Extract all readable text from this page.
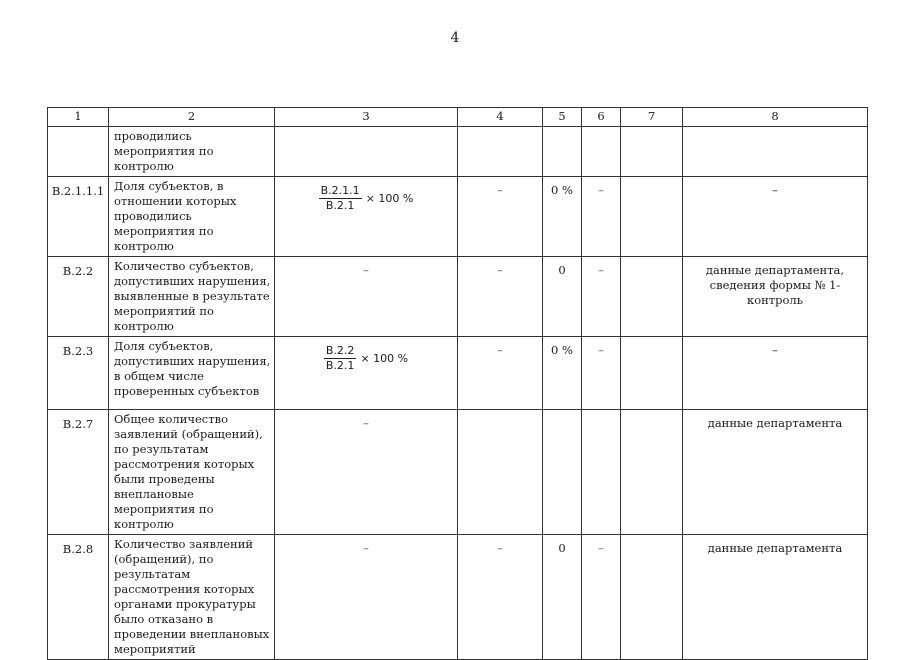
4
1	2	3	4	5	6	7	8
	проводились мероприятия по контролю						
В.2.1.1.1	Доля субъектов, в отношении которых проводились мероприятия по контролю	$\frac{В.2.1.1}{В.2.1} \times 100$ %	–	0 %	–		–
В.2.2	Количество субъектов, допустивших нарушения, выявленные в результате мероприятий по контролю	–	–	0	–		данные департамента, сведения формы № 1-контроль
В.2.3	Доля субъектов, допустивших нарушения, в общем числе проверенных субъектов	$\frac{В.2.2}{В.2.1} \times 100$ %	–	0 %	–		–
В.2.7	Общее количество заявлений (обращений), по результатам рассмотрения которых были проведены внеплановые мероприятия по контролю	–					данные департамента
В.2.8	Количество заявлений (обращений), по результатам рассмотрения которых органами прокуратуры было отказано в проведении внеплановых мероприятий	–	–	0	–		данные департамента
